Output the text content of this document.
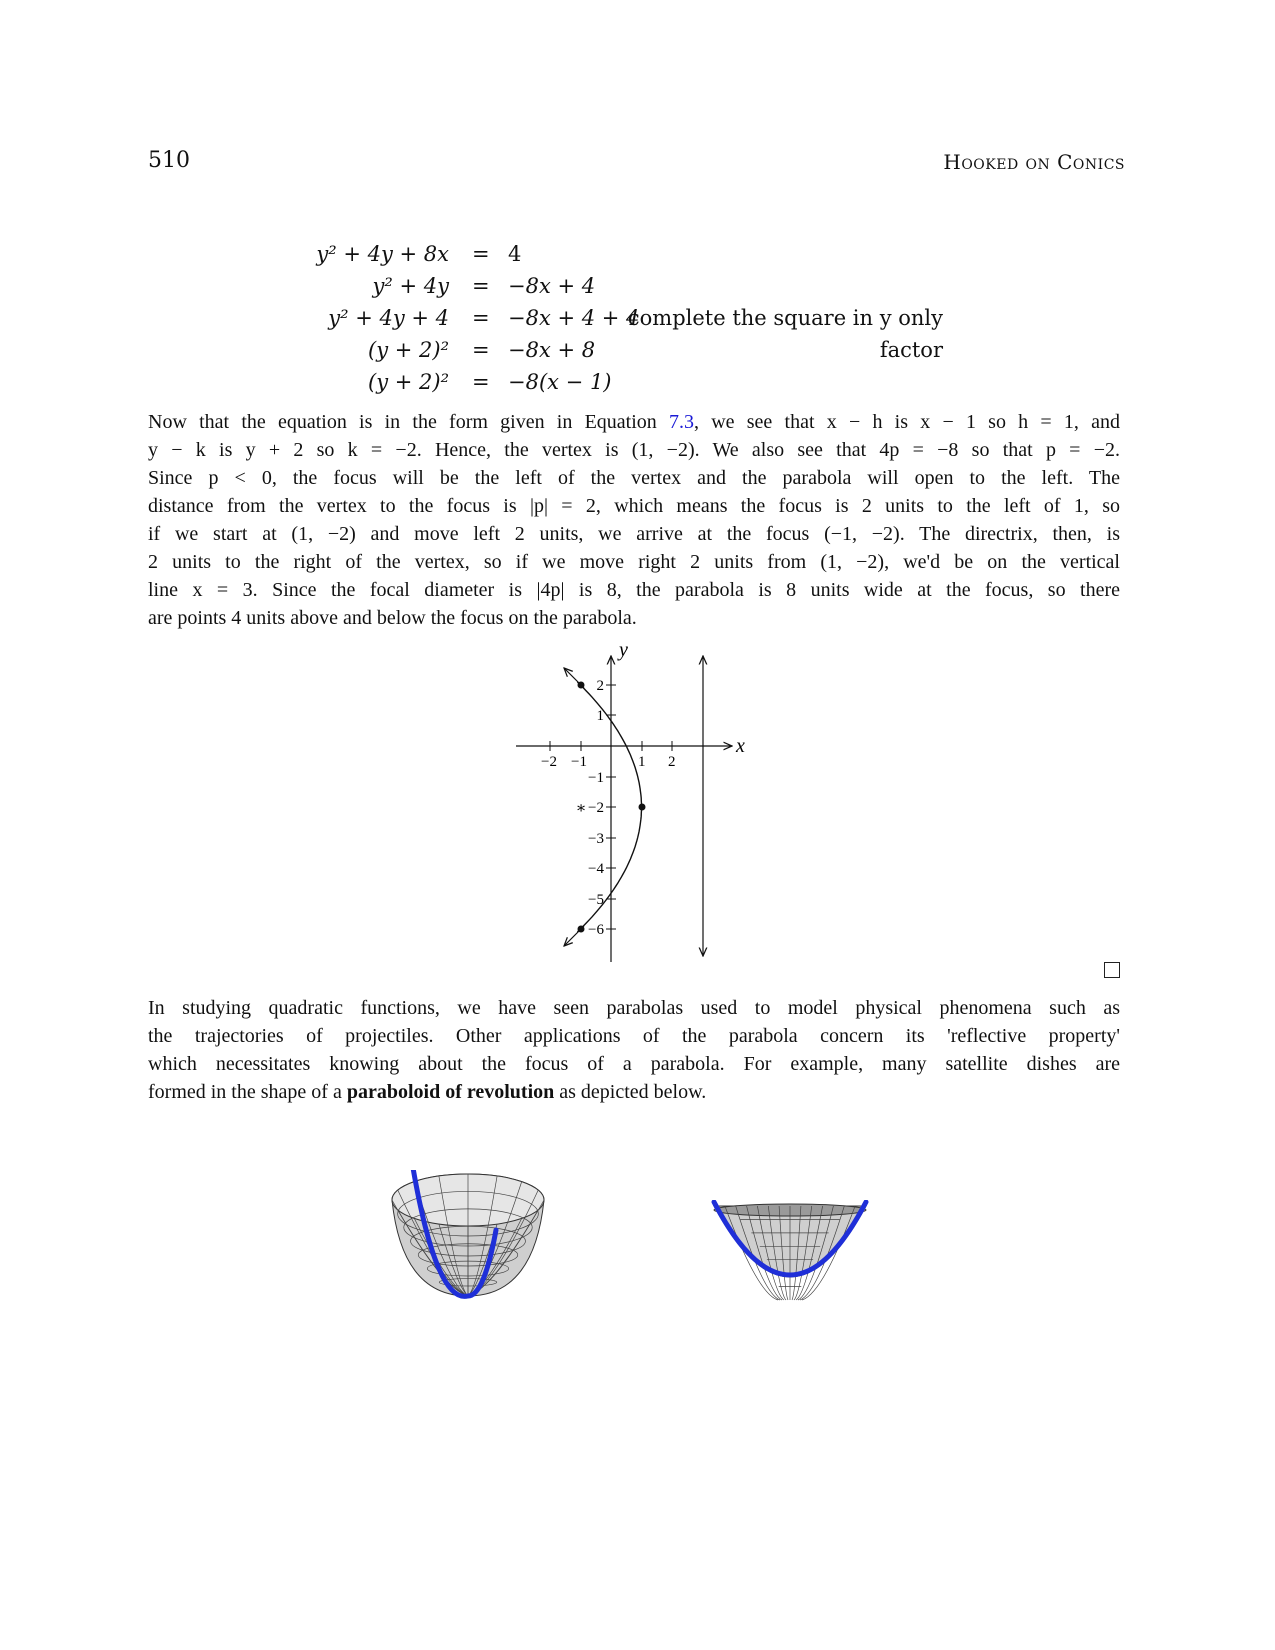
510	Hooked on Conics
y² + 4y + 8x = 4
y² + 4y = −8x + 4
y² + 4y + 4 = −8x + 4 + 4
complete the square in y only
(y + 2)² = −8x + 8	factor
(y + 2)² = −8(x − 1)
Now that the equation is in the form given in Equation 7.3, we see that x − h is x − 1 so h = 1, and
y − k is y + 2 so k = −2. Hence, the vertex is (1, −2). We also see that 4p = −8 so that p = −2.
Since p < 0, the focus will be the left of the vertex and the parabola will open to the left. The
distance from the vertex to the focus is |p| = 2, which means the focus is 2 units to the left of 1, so
if we start at (1, −2) and move left 2 units, we arrive at the focus (−1, −2). The directrix, then, is
2 units to the right of the vertex, so if we move right 2 units from (1, −2), we'd be on the vertical
line x = 3. Since the focal diameter is |4p| is 8, the parabola is 8 units wide at the focus, so there
are points 4 units above and below the focus on the parabola.
x
y
−2 −1	1 2
2
1
−1
−2
−3
−4
−5
−6
∗
In studying quadratic functions, we have seen parabolas used to model physical phenomena such as
the trajectories of projectiles. Other applications of the parabola concern its 'reflective property'
which necessitates knowing about the focus of a parabola. For example, many satellite dishes are
formed in the shape of a paraboloid of revolution as depicted below.
